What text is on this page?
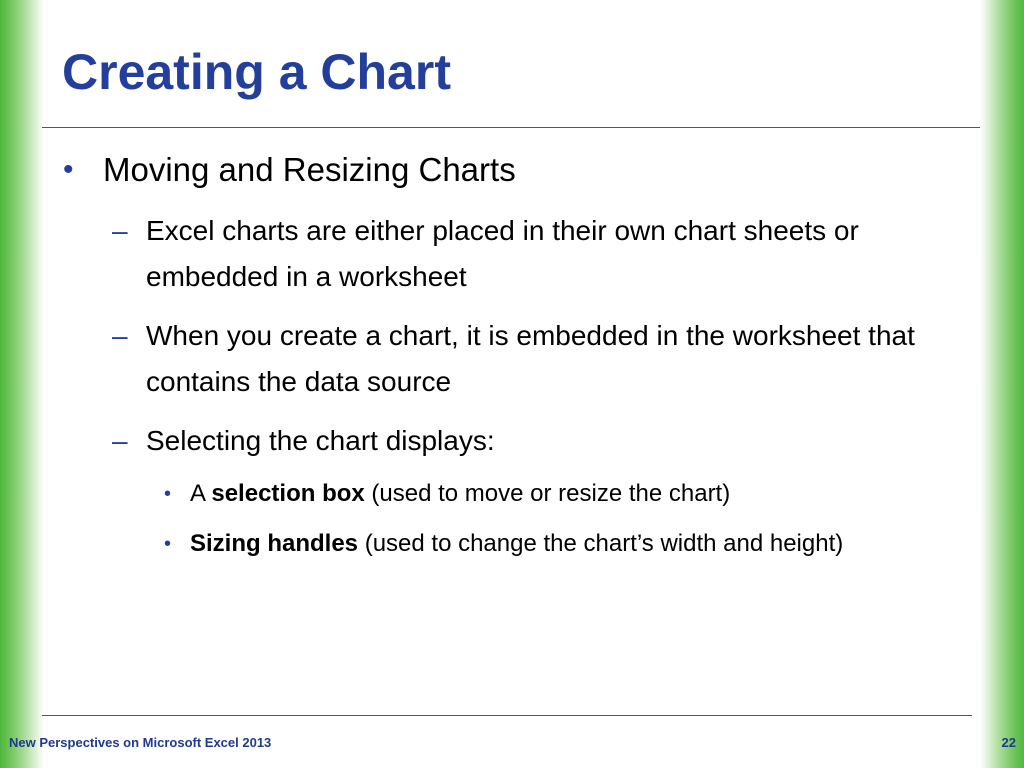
Creating a Chart
• Moving and Resizing Charts
– Excel charts are either placed in their own chart sheets or embedded in a worksheet
– When you create a chart, it is embedded in the worksheet that contains the data source
– Selecting the chart displays:
• A selection box (used to move or resize the chart)
• Sizing handles (used to change the chart’s width and height)
New Perspectives on Microsoft Excel 2013	22
